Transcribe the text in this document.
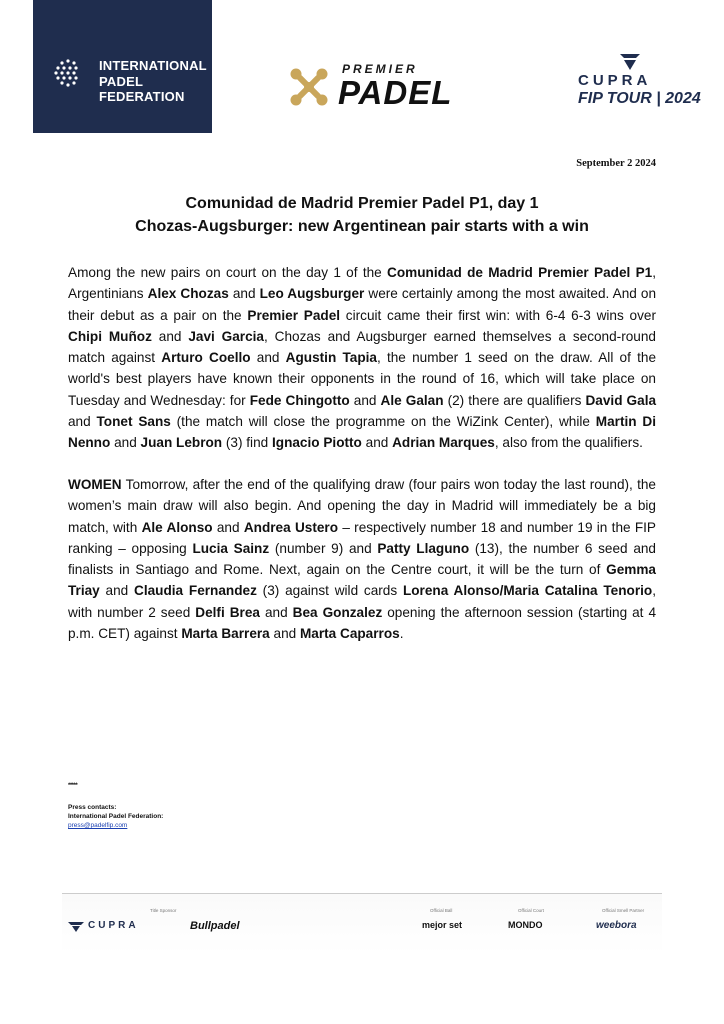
INTERNATIONAL
PADEL
FEDERATION
PREMIER
PADEL	CUPRA
FIP TOUR | 2024
September 2 2024
Comunidad de Madrid Premier Padel P1, day 1
Chozas-Augsburger: new Argentinean pair starts with a win

Among the new pairs on court on the day 1 of the Comunidad de Madrid Premier Padel P1, Argentinians Alex Chozas and Leo Augsburger were certainly among the most awaited. And on their debut as a pair on the Premier Padel circuit came their first win: with 6-4 6-3 wins over Chipi Muñoz and Javi Garcia, Chozas and Augsburger earned themselves a second-round match against Arturo Coello and Agustin Tapia, the number 1 seed on the draw. All of the world's best players have known their opponents in the round of 16, which will take place on Tuesday and Wednesday: for Fede Chingotto and Ale Galan (2) there are qualifiers David Gala and Tonet Sans (the match will close the programme on the WiZink Center), while Martin Di Nenno and Juan Lebron (3) find Ignacio Piotto and Adrian Marques, also from the qualifiers.

WOMEN Tomorrow, after the end of the qualifying draw (four pairs won today the last round), the women’s main draw will also begin. And opening the day in Madrid will immediately be a big match, with Ale Alonso and Andrea Ustero – respectively number 18 and number 19 in the FIP ranking – opposing Lucia Sainz (number 9) and Patty Llaguno (13), the number 6 seed and finalists in Santiago and Rome. Next, again on the Centre court, it will be the turn of Gemma Triay and Claudia Fernandez (3) against wild cards Lorena Alonso/Maria Catalina Tenorio, with number 2 seed Delfi Brea and Bea Gonzalez opening the afternoon session (starting at 4 p.m. CET) against Marta Barrera and Marta Caparros.

*****
Press contacts:
International Padel Federation:
press@padelfip.com
Title Sponsor	Official Ball	Official Court	Official Smell Partner
CUPRA	Bullpadel	mejor set	MONDO	weebora
